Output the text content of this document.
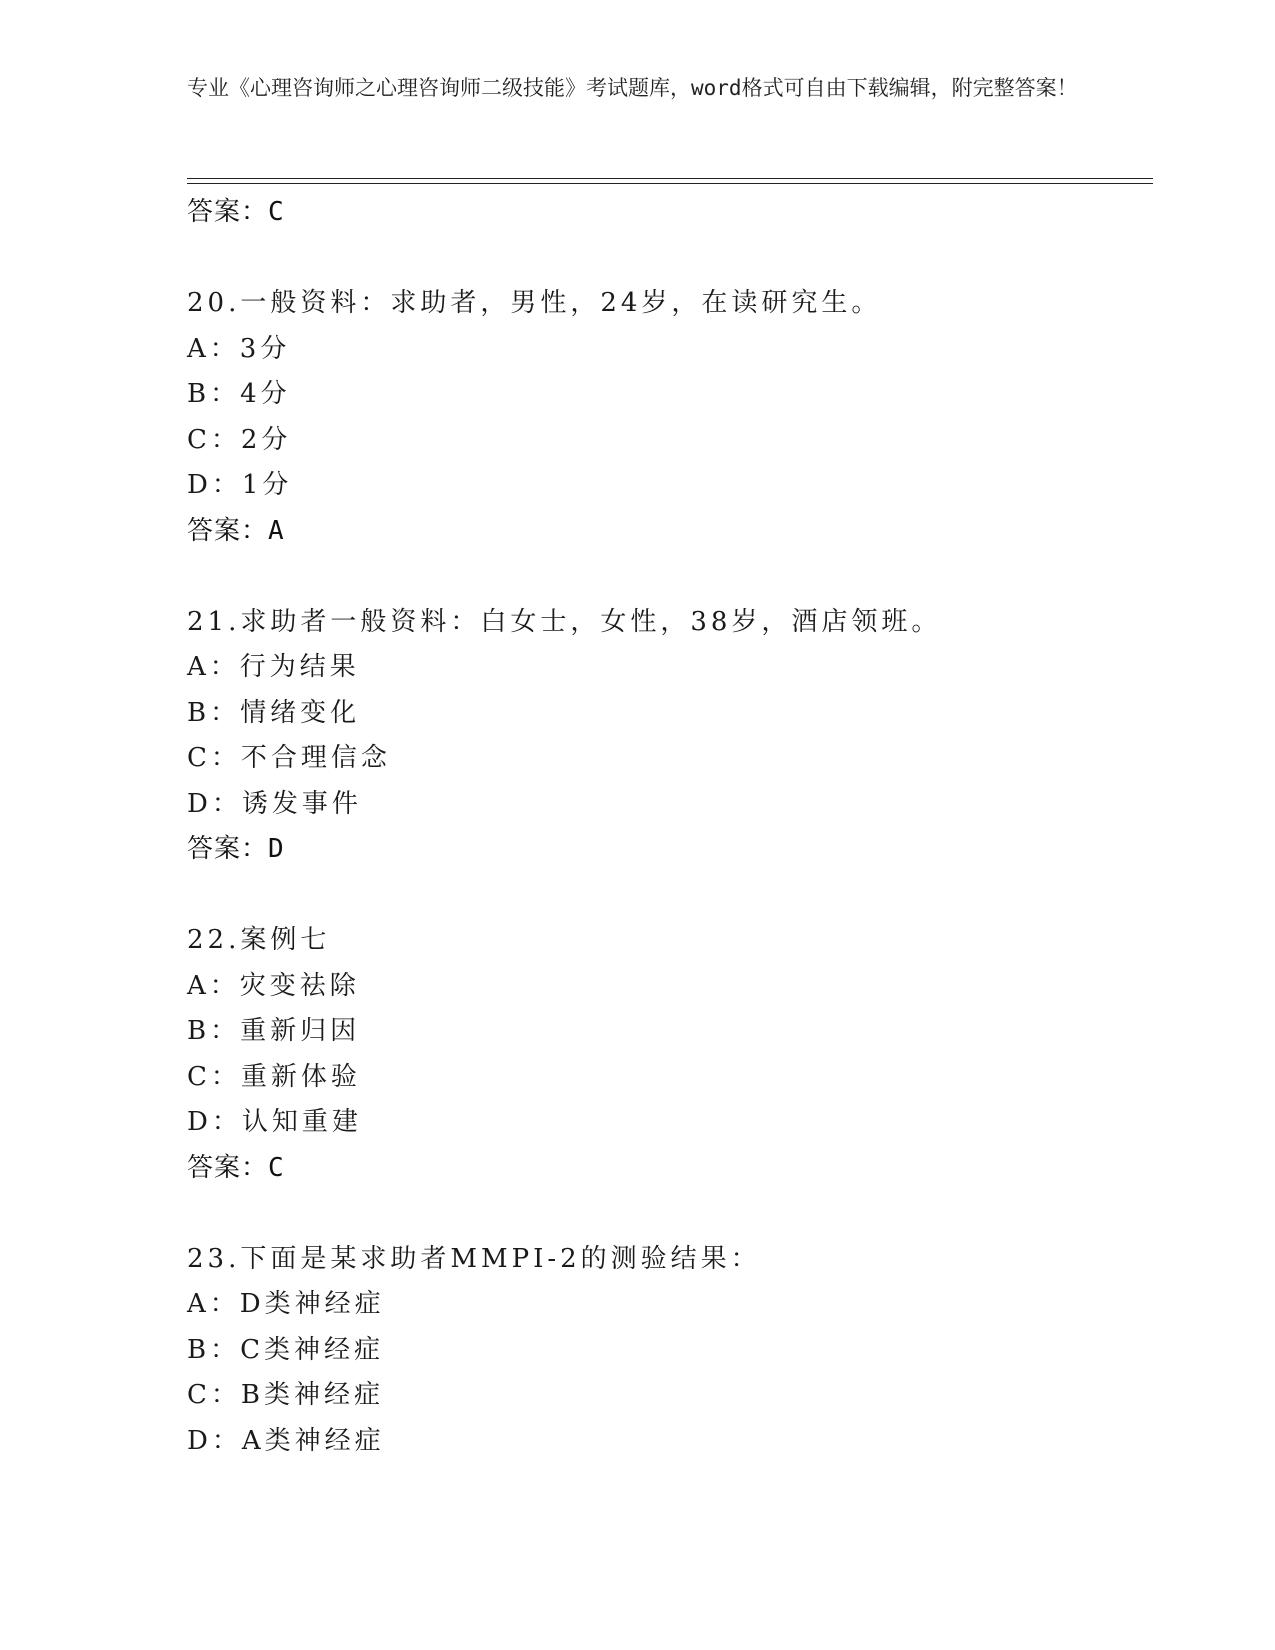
专业《心理咨询师之心理咨询师二级技能》考试题库，word格式可自由下载编辑，附完整答案！
答案：C
20.一般资料：求助者，男性，24岁，在读研究生。
A：3分
B：4分
C：2分
D：1分
答案：A
21.求助者一般资料：白女士，女性，38岁，酒店领班。
A：行为结果
B：情绪变化
C：不合理信念
D：诱发事件
答案：D
22.案例七
A：灾变祛除
B：重新归因
C：重新体验
D：认知重建
答案：C
23.下面是某求助者MMPI-2的测验结果：
A：D类神经症
B：C类神经症
C：B类神经症
D：A类神经症
